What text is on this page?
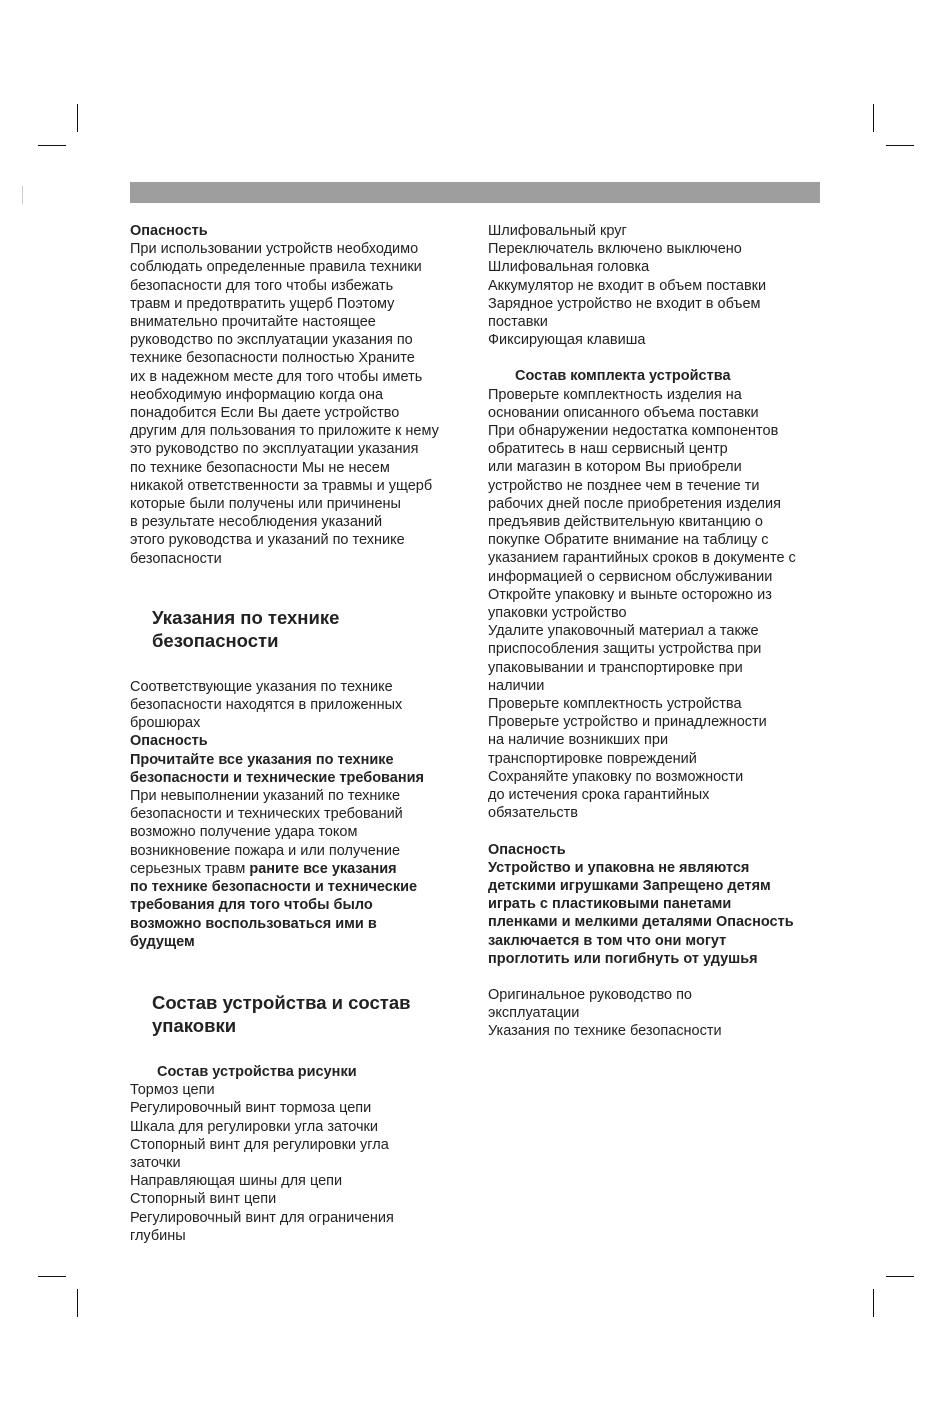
Опасность

При использовании устройств необходимо
соблюдать определенные правила техники
безопасности для того чтобы избежать
травм и предотвратить ущерб Поэтому
внимательно прочитайте настоящее
руководство по эксплуатации указания по
технике безопасности полностью Храните
их в надежном месте для того чтобы иметь
необходимую информацию когда она
понадобится Если Вы даете устройство
другим для пользования то приложите к нему
это руководство по эксплуатации указания
по технике безопасности Мы не несем
никакой ответственности за травмы и ущерб
которые были получены или причинены
в результате несоблюдения указаний
этого руководства и указаний по технике
безопасности

Указания по технике
безопасности

Соответствующие указания по технике
безопасности находятся в приложенных
брошюрах

Опасность

Прочитайте все указания по технике
безопасности и технические требования

При невыполнении указаний по технике
безопасности и технических требований
возможно получение удара током
возникновение пожара и или получение
серьезных травм раните все указания
по технике безопасности и технические
требования для того чтобы было
возможно воспользоваться ими в
будущем

Состав устройства и состав
упаковки

Состав устройства рисунки

Тормоз цепи
Регулировочный винт тормоза цепи
Шкала для регулировки угла заточки
Стопорный винт для регулировки угла
заточки
Направляющая шины для цепи
Стопорный винт цепи
Регулировочный винт для ограничения
глубины
Шлифовальный круг
Переключатель включено выключено
Шлифовальная головка
Аккумулятор не входит в объем поставки
Зарядное устройство не входит в объем
поставки
Фиксирующая клавиша

Состав комплекта устройства

Проверьте комплектность изделия на
основании описанного объема поставки
При обнаружении недостатка компонентов
обратитесь в наш сервисный центр
или магазин в котором Вы приобрели
устройство не позднее чем в течение ти
рабочих дней после приобретения изделия
предъявив действительную квитанцию о
покупке Обратите внимание на таблицу с
указанием гарантийных сроков в документе с
информацией о сервисном обслуживании

Откройте упаковку и выньте осторожно из
упаковки устройство
Удалите упаковочный материал а также
приспособления защиты устройства при
упаковывании и транспортировке при
наличии
Проверьте комплектность устройства
Проверьте устройство и принадлежности
на наличие возникших при
транспортировке повреждений
Сохраняйте упаковку по возможности
до истечения срока гарантийных
обязательств

Опасность

Устройство и упаковна не являются
детскими игрушками Запрещено детям
играть с пластиковыми панетами
пленками и мелкими деталями Опасность
заключается в том что они могут
проглотить или погибнуть от удушья

Оригинальное руководство по
эксплуатации
Указания по технике безопасности
